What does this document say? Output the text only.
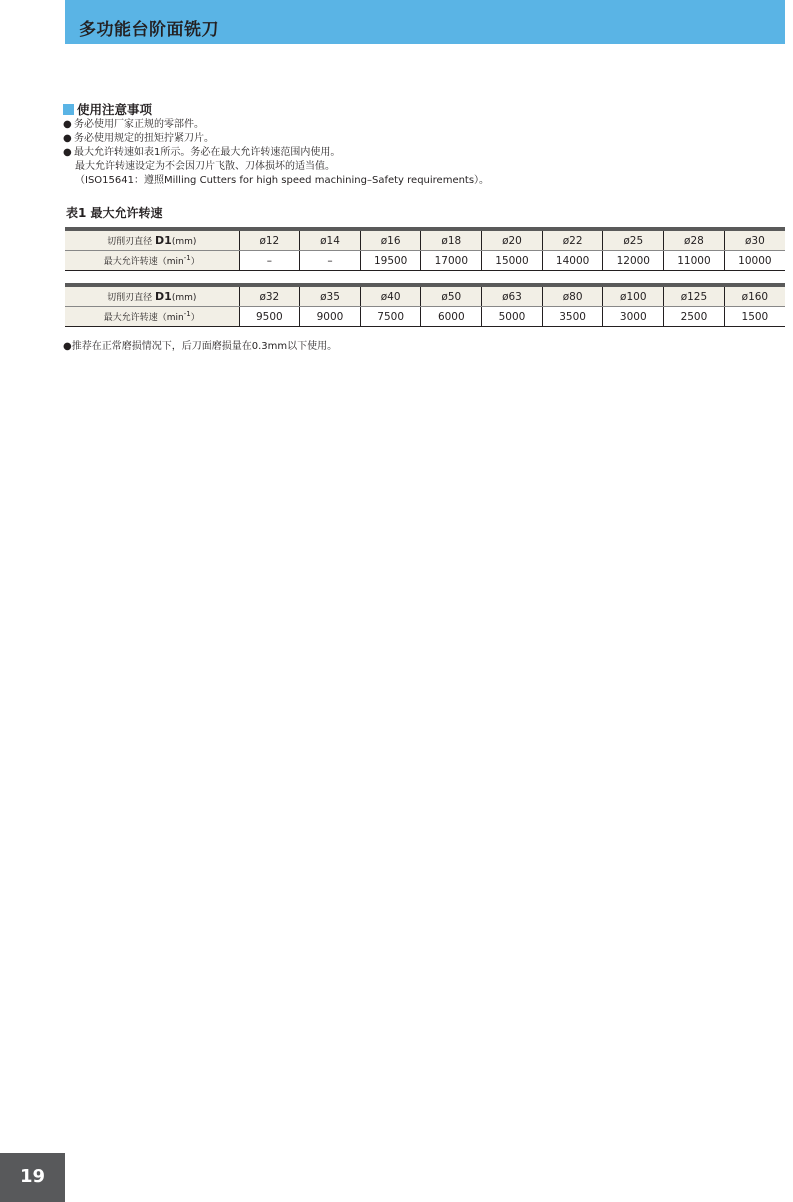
多功能台阶面铣刀
使用注意事项
● 务必使用厂家正规的零部件。
● 务必使用规定的扭矩拧紧刀片。
● 最大允许转速如表1所示。务必在最大允许转速范围内使用。
最大允许转速设定为不会因刀片飞散、刀体损坏的适当值。
（ISO15641：遵照Milling Cutters for high speed machining–Safety requirements）。
表1 最大允许转速

切削刃直径 D1(mm)	ø12	ø14	ø16	ø18	ø20	ø22	ø25	ø28	ø30
最大允许转速$(\min^{-1})$	–	–	19500	17000	15000	14000	12000	11000	10000

切削刃直径 D1(mm)	ø32	ø35	ø40	ø50	ø63	ø80	ø100	ø125	ø160
最大允许转速$(\min^{-1})$	9500	9000	7500	6000	5000	3500	3000	2500	1500
●推荐在正常磨损情况下，后刀面磨损量在0.3mm以下使用。
19
